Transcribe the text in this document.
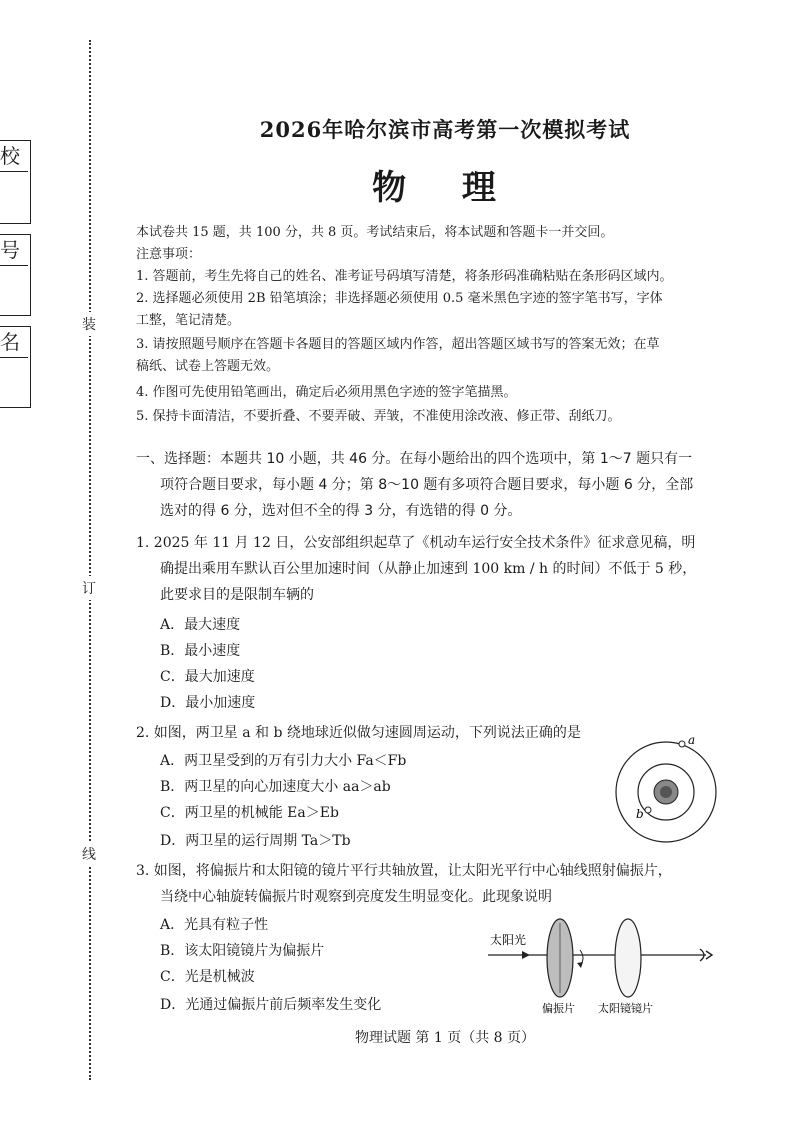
校
号
名
装
订
线
2026年哈尔滨市高考第一次模拟考试
物 理
本试卷共 15 题，共 100 分，共 8 页。考试结束后，将本试题和答题卡一并交回。
注意事项：
1. 答题前，考生先将自己的姓名、准考证号码填写清楚，将条形码准确粘贴在条形码区域内。
2. 选择题必须使用 2B 铅笔填涂；非选择题必须使用 0.5 毫米黑色字迹的签字笔书写，字体
工整，笔记清楚。
3. 请按照题号顺序在答题卡各题目的答题区域内作答，超出答题区域书写的答案无效；在草
稿纸、试卷上答题无效。
4. 作图可先使用铅笔画出，确定后必须用黑色字迹的签字笔描黑。
5. 保持卡面清洁，不要折叠、不要弄破、弄皱，不准使用涂改液、修正带、刮纸刀。
一、选择题：本题共 10 小题，共 46 分。在每小题给出的四个选项中，第 1～7 题只有一
项符合题目要求，每小题 4 分；第 8～10 题有多项符合题目要求，每小题 6 分，全部
选对的得 6 分，选对但不全的得 3 分，有选错的得 0 分。
1. 2025 年 11 月 12 日，公安部组织起草了《机动车运行安全技术条件》征求意见稿，明
确提出乘用车默认百公里加速时间（从静止加速到 100 km / h 的时间）不低于 5 秒，
此要求目的是限制车辆的
A．最大速度
B．最小速度
C．最大加速度
D．最小加速度
2. 如图，两卫星 a 和 b 绕地球近似做匀速圆周运动，下列说法正确的是
A．两卫星受到的万有引力大小 Fa＜Fb
B．两卫星的向心加速度大小 aa＞ab
C．两卫星的机械能 Ea＞Eb
D．两卫星的运行周期 Ta＞Tb
a
b
3. 如图，将偏振片和太阳镜的镜片平行共轴放置，让太阳光平行中心轴线照射偏振片，
当绕中心轴旋转偏振片时观察到亮度发生明显变化。此现象说明
A．光具有粒子性
B．该太阳镜镜片为偏振片
C．光是机械波
D．光通过偏振片前后频率发生变化
太阳光
偏振片 太阳镜镜片
物理试题 第 1 页（共 8 页）
